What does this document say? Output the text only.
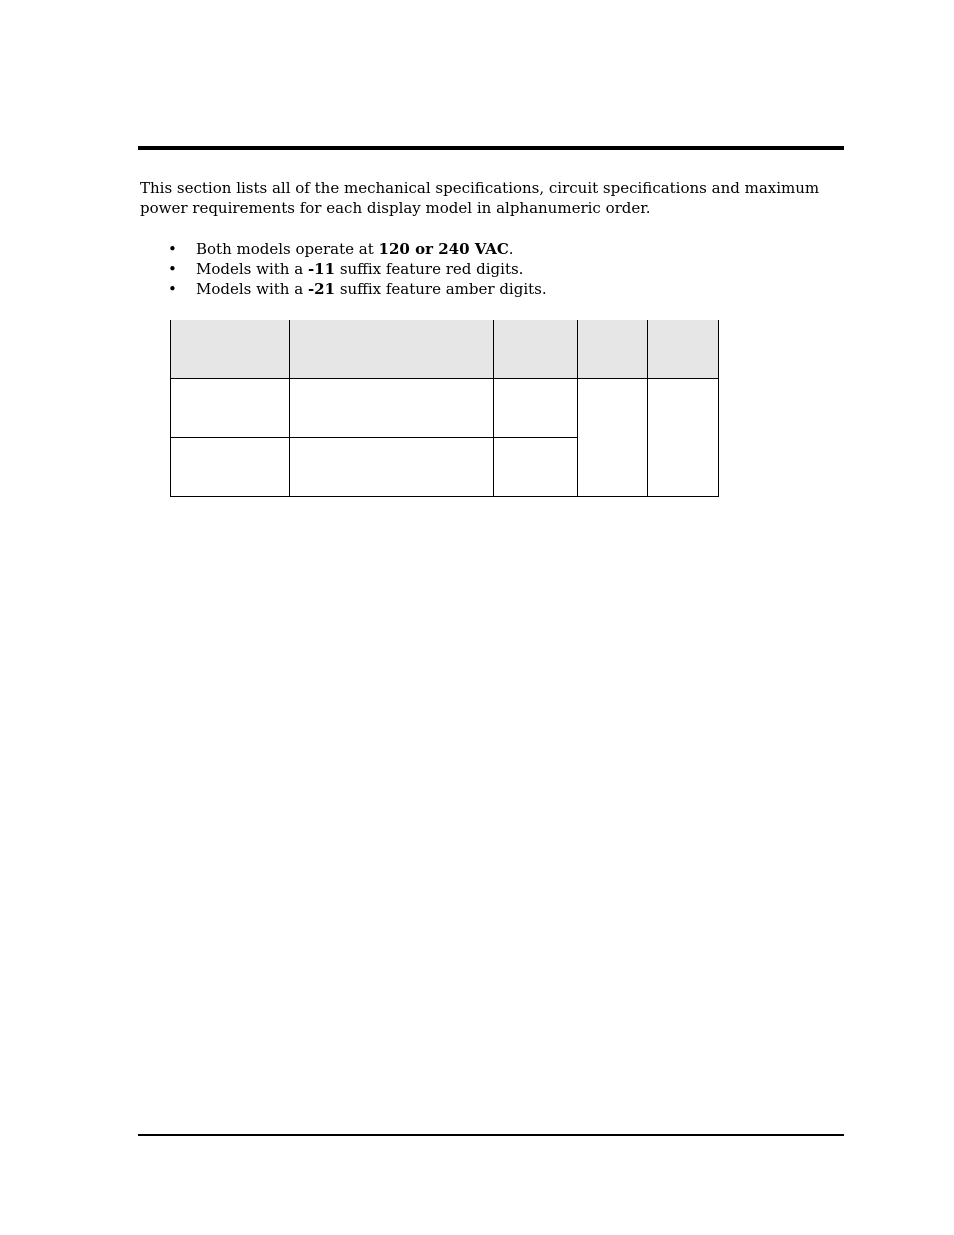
This section lists all of the mechanical specifications, circuit specifications and maximum power requirements for each display model in alphanumeric order.

• Both models operate at 120 or 240 VAC.
• Models with a -11 suffix feature red digits.
• Models with a -21 suffix feature amber digits.
